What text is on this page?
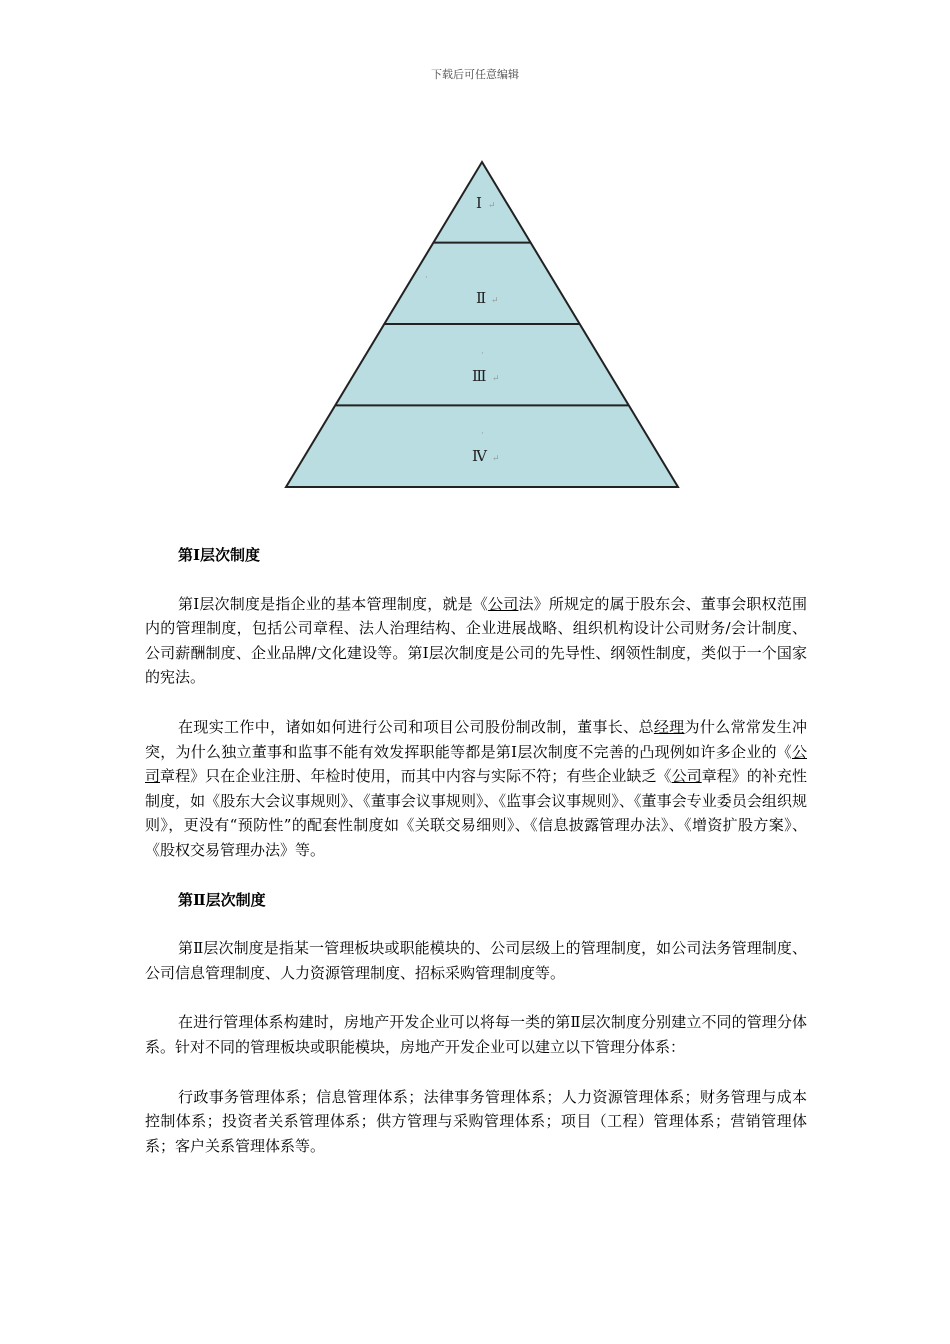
下载后可任意编辑
·
·
·
Ⅰ ↵
Ⅱ ↵
Ⅲ ↵
Ⅳ ↵
第Ⅰ层次制度

第Ⅰ层次制度是指企业的基本管理制度，就是《公司法》所规定的属于股东会、董事会职权范围内的管理制度，包括公司章程、法人治理结构、企业进展战略、组织机构设计公司财务/会计制度、公司薪酬制度、企业品牌/文化建设等。第Ⅰ层次制度是公司的先导性、纲领性制度，类似于一个国家的宪法。

在现实工作中，诸如如何进行公司和项目公司股份制改制，董事长、总经理为什么常常发生冲突，为什么独立董事和监事不能有效发挥职能等都是第Ⅰ层次制度不完善的凸现例如许多企业的《公司章程》只在企业注册、年检时使用，而其中内容与实际不符；有些企业缺乏《公司章程》的补充性制度，如《股东大会议事规则》、《董事会议事规则》、《监事会议事规则》、《董事会专业委员会组织规则》，更没有“预防性”的配套性制度如《关联交易细则》、《信息披露管理办法》、《增资扩股方案》、《股权交易管理办法》等。

第Ⅱ层次制度

第Ⅱ层次制度是指某一管理板块或职能模块的、公司层级上的管理制度，如公司法务管理制度、公司信息管理制度、人力资源管理制度、招标采购管理制度等。

在进行管理体系构建时，房地产开发企业可以将每一类的第Ⅱ层次制度分别建立不同的管理分体系。针对不同的管理板块或职能模块，房地产开发企业可以建立以下管理分体系：

行政事务管理体系；信息管理体系；法律事务管理体系；人力资源管理体系；财务管理与成本控制体系；投资者关系管理体系；供方管理与采购管理体系；项目（工程）管理体系；营销管理体系；客户关系管理体系等。
